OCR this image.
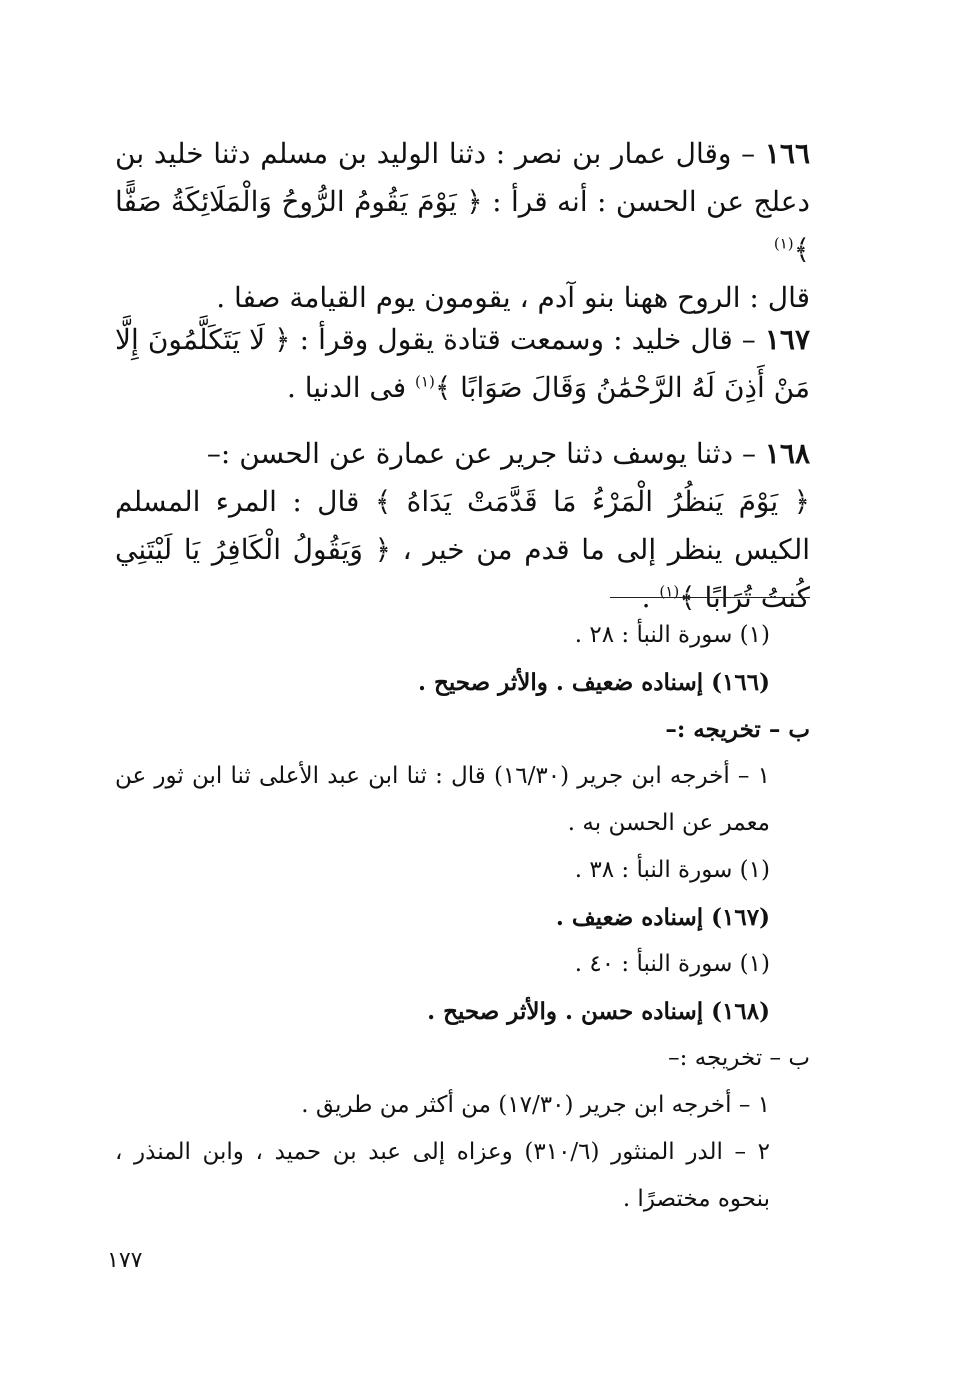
١٦٦ – وقال عمار بن نصر : دثنا الوليد بن مسلم دثنا خليد بن دعلج عن الحسن : أنه قرأ : ﴿ يَوْمَ يَقُومُ الرُّوحُ وَالْمَلَائِكَةُ صَفًّا ﴾$^{(١)}$
قال : الروح ههنا بنو آدم ، يقومون يوم القيامة صفا .
١٦٧ – قال خليد : وسمعت قتادة يقول وقرأ : ﴿ لَا يَتَكَلَّمُونَ إِلَّا مَنْ أَذِنَ لَهُ الرَّحْمَٰنُ وَقَالَ صَوَابًا ﴾$^{(١)}$ فى الدنيا .
١٦٨ – دثنا يوسف دثنا جرير عن عمارة عن الحسن :–
﴿ يَوْمَ يَنظُرُ الْمَرْءُ مَا قَدَّمَتْ يَدَاهُ ﴾ قال : المرء المسلم الكيس ينظر إلى ما قدم من خير ، ﴿ وَيَقُولُ الْكَافِرُ يَا لَيْتَنِي كُنتُ تُرَابًا ﴾$^{(١)}$ .
(١) سورة النبأ : ٢٨ .
(١٦٦) إسناده ضعيف . والأثر صحيح .
ب – تخريجه :–
١ – أخرجه ابن جرير (١٦/٣٠) قال : ثنا ابن عبد الأعلى ثنا ابن ثور عن معمر عن الحسن به .
(١) سورة النبأ : ٣٨ .
(١٦٧) إسناده ضعيف .
(١) سورة النبأ : ٤٠ .
(١٦٨) إسناده حسن . والأثر صحيح .
ب – تخريجه :–
١ – أخرجه ابن جرير (١٧/٣٠) من أكثر من طريق .
٢ – الدر المنثور (٣١٠/٦) وعزاه إلى عبد بن حميد ، وابن المنذر ، بنحوه مختصرًا .
١٧٧
